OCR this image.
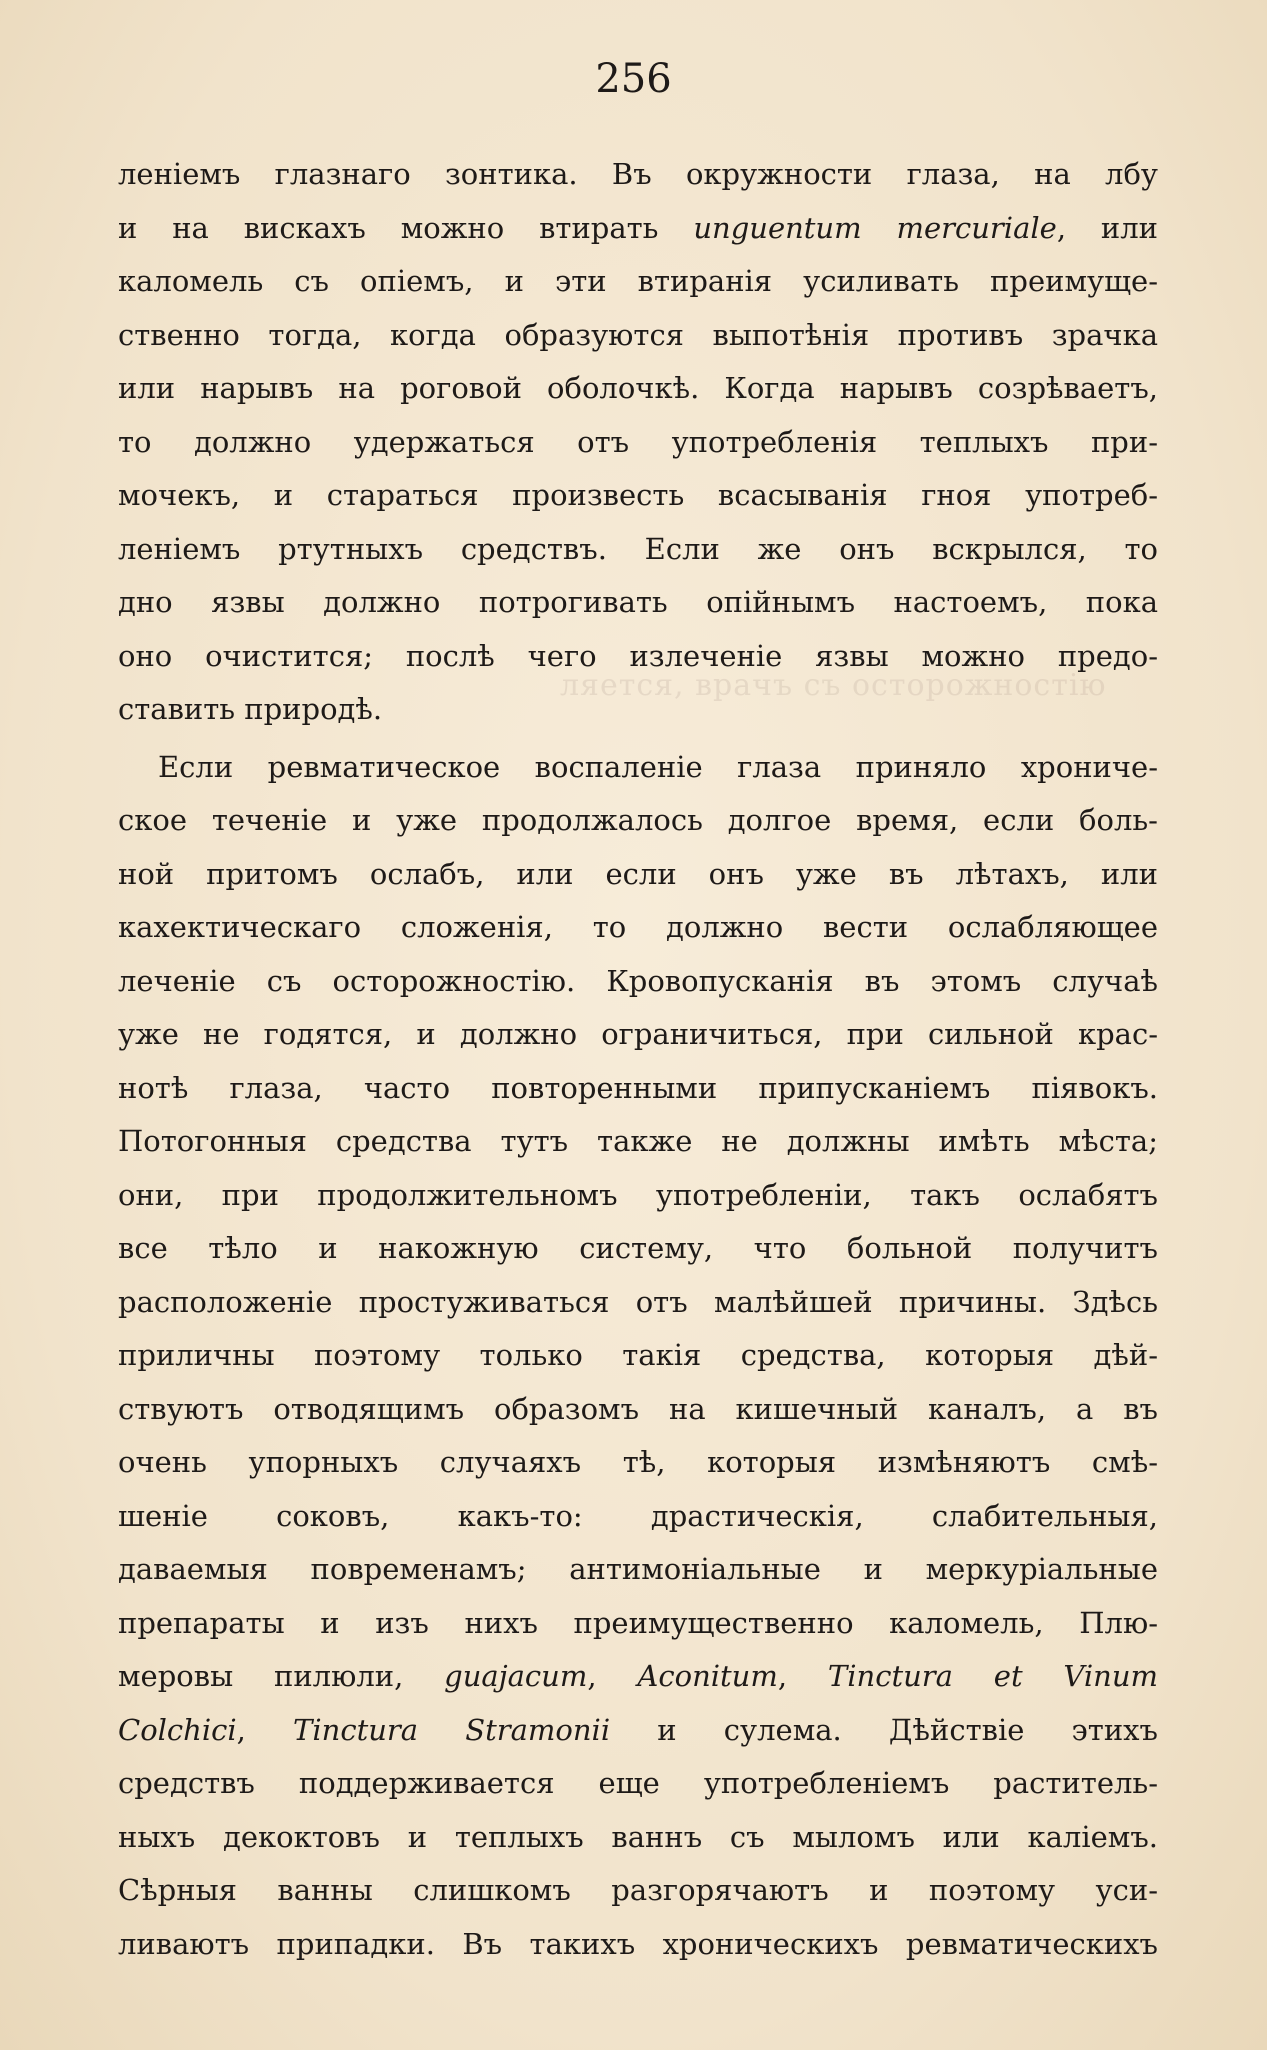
ляется, врачъ съ осторожностію
256
леніемъ глазнаго зонтика. Въ окружности глаза, на лбу
и на вискахъ можно втирать unguentum mercuriale, или
каломель съ опіемъ, и эти втиранія усиливать преимуще-
ственно тогда, когда образуются выпотѣнія противъ зрачка
или нарывъ на роговой оболочкѣ. Когда нарывъ созрѣваетъ,
то должно удержаться отъ употребленія теплыхъ при-
мочекъ, и стараться произвесть всасыванія гноя употреб-
леніемъ ртутныхъ средствъ. Если же онъ вскрылся, то
дно язвы должно потрогивать опійнымъ настоемъ, пока
оно очистится; послѣ чего излеченіе язвы можно предо-
ставить природѣ.
Если ревматическое воспаленіе глаза приняло хрониче-
ское теченіе и уже продолжалось долгое время, если боль-
ной притомъ ослабъ, или если онъ уже въ лѣтахъ, или
кахектическаго сложенія, то должно вести ослабляющее
леченіе съ осторожностію. Кровопусканія въ этомъ случаѣ
уже не годятся, и должно ограничиться, при сильной крас-
нотѣ глаза, часто повторенными припусканіемъ піявокъ.
Потогонныя средства тутъ также не должны имѣть мѣста;
они, при продолжительномъ употребленіи, такъ ослабятъ
все тѣло и накожную систему, что больной получитъ
расположеніе простуживаться отъ малѣйшей причины. Здѣсь
приличны поэтому только такія средства, которыя дѣй-
ствуютъ отводящимъ образомъ на кишечный каналъ, а въ
очень упорныхъ случаяхъ тѣ, которыя измѣняютъ смѣ-
шеніе соковъ, какъ-то: драстическія, слабительныя,
даваемыя повременамъ; антимоніальные и меркуріальные
препараты и изъ нихъ преимущественно каломель, Плю-
меровы пилюли, guajacum, Aconitum, Tinctura et Vinum
Colchici, Tinctura Stramonii и сулема. Дѣйствіе этихъ
средствъ поддерживается еще употребленіемъ раститель-
ныхъ декоктовъ и теплыхъ ваннъ съ мыломъ или каліемъ.
Сѣрныя ванны слишкомъ разгорячаютъ и поэтому уси-
ливаютъ припадки. Въ такихъ хроническихъ ревматическихъ
